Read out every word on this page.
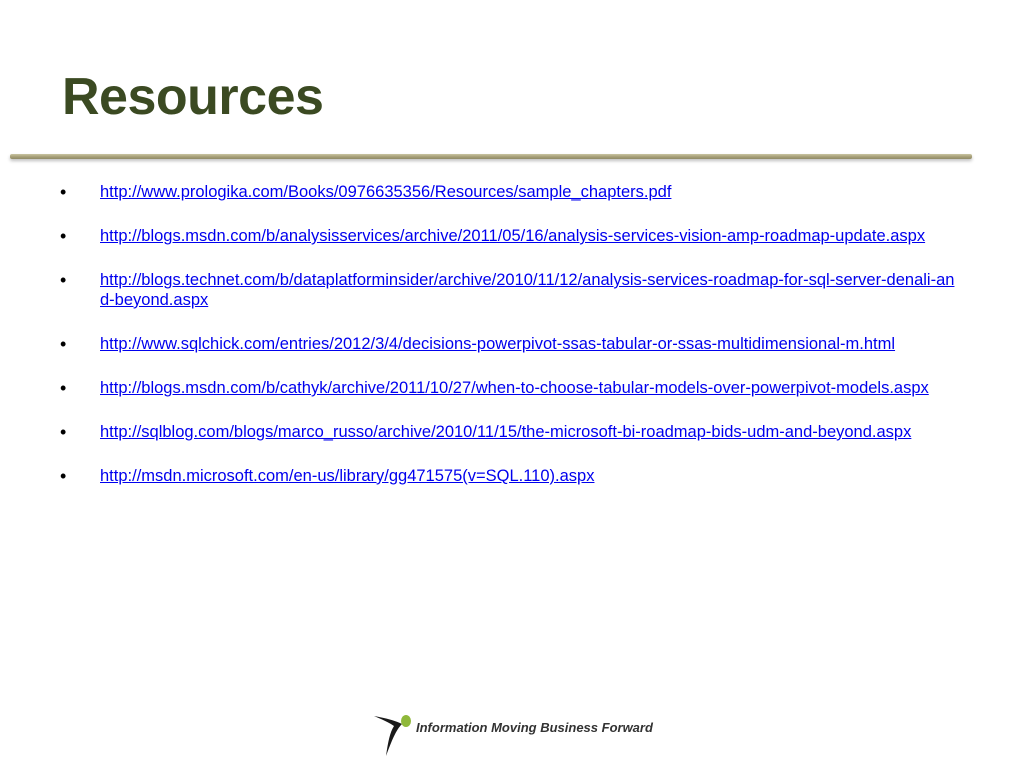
Resources
•	http://www.prologika.com/Books/0976635356/Resources/sample_chapters.pdf
•	http://blogs.msdn.com/b/analysisservices/archive/2011/05/16/analysis-services-vision-amp-roadmap-update.aspx
•	http://blogs.technet.com/b/dataplatforminsider/archive/2010/11/12/analysis-services-roadmap-for-sql-server-denali-and-beyond.aspx
•	http://www.sqlchick.com/entries/2012/3/4/decisions-powerpivot-ssas-tabular-or-ssas-multidimensional-m.html
•	http://blogs.msdn.com/b/cathyk/archive/2011/10/27/when-to-choose-tabular-models-over-powerpivot-models.aspx
•	http://sqlblog.com/blogs/marco_russo/archive/2010/11/15/the-microsoft-bi-roadmap-bids-udm-and-beyond.aspx
•	http://msdn.microsoft.com/en-us/library/gg471575(v=SQL.110).aspx
Information Moving Business Forward
